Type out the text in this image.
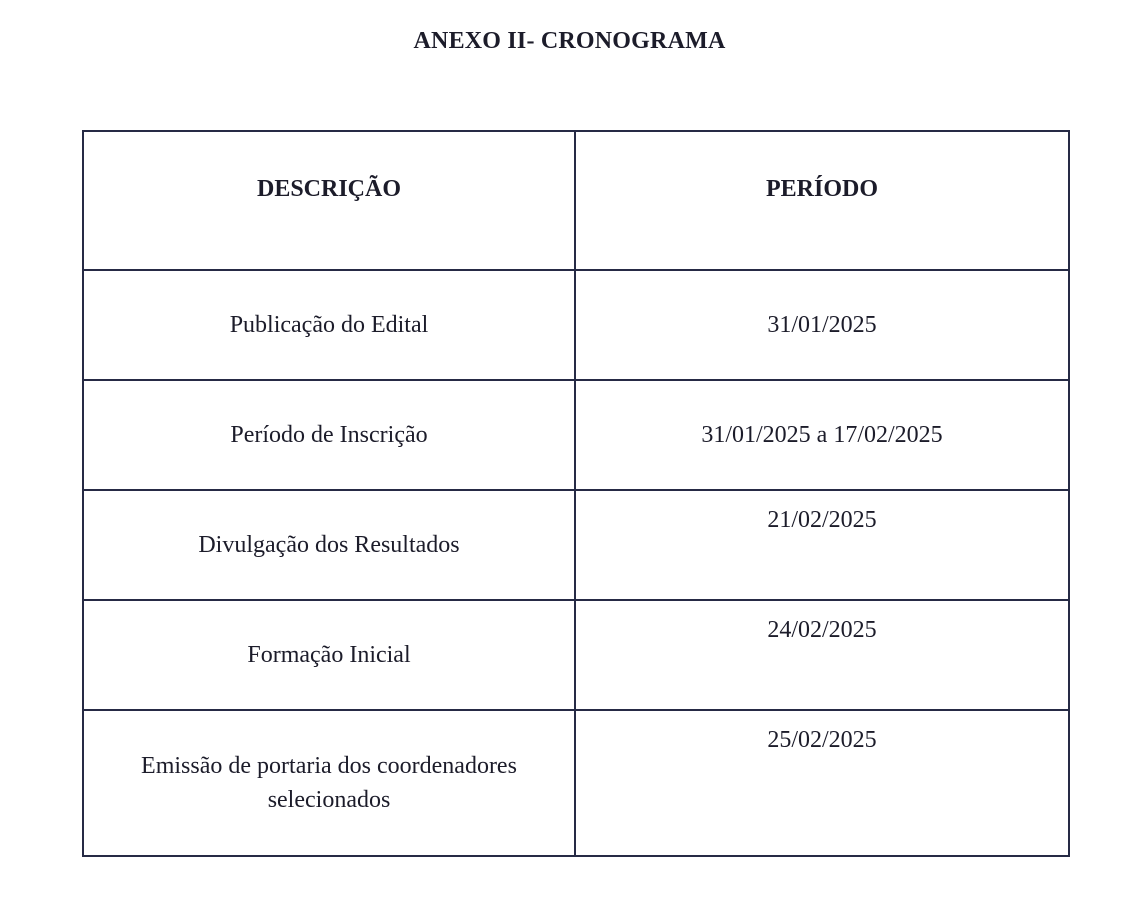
ANEXO II- CRONOGRAMA
DESCRIÇÃO	PERÍODO
Publicação do Edital	31/01/2025
Período de Inscrição	31/01/2025 a 17/02/2025
Divulgação dos Resultados	21/02/2025
Formação Inicial	24/02/2025
Emissão de portaria dos coordenadores selecionados	25/02/2025
